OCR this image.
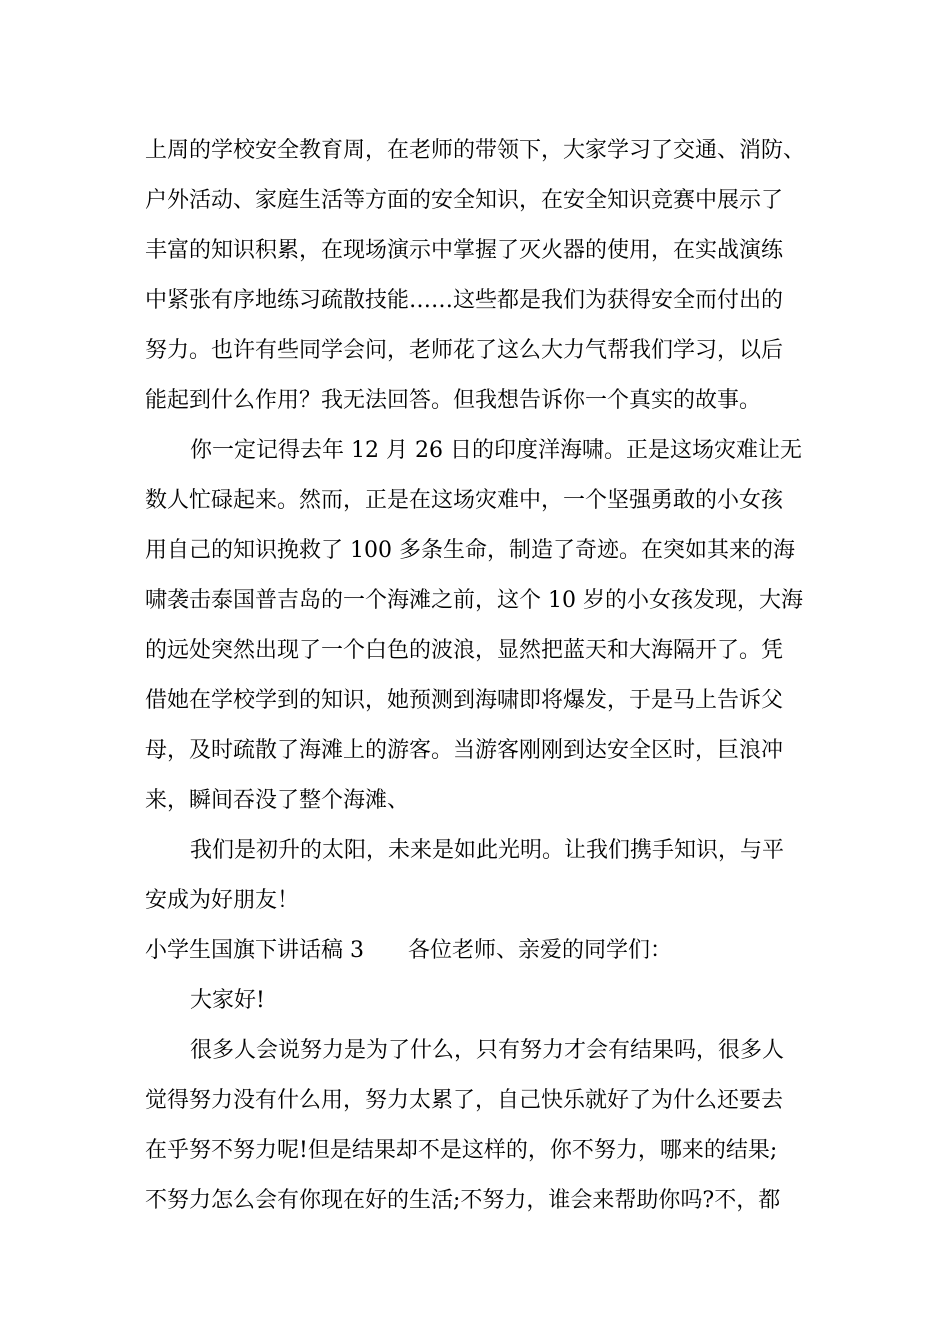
上周的学校安全教育周，在老师的带领下，大家学习了交通、消防、
户外活动、家庭生活等方面的安全知识，在安全知识竞赛中展示了
丰富的知识积累，在现场演示中掌握了灭火器的使用，在实战演练
中紧张有序地练习疏散技能……这些都是我们为获得安全而付出的
努力。也许有些同学会问，老师花了这么大力气帮我们学习，以后
能起到什么作用？我无法回答。但我想告诉你一个真实的故事。
你一定记得去年 12 月 26 日的印度洋海啸。正是这场灾难让无
数人忙碌起来。然而，正是在这场灾难中，一个坚强勇敢的小女孩
用自己的知识挽救了 100 多条生命，制造了奇迹。在突如其来的海
啸袭击泰国普吉岛的一个海滩之前，这个 10 岁的小女孩发现，大海
的远处突然出现了一个白色的波浪，显然把蓝天和大海隔开了。凭
借她在学校学到的知识，她预测到海啸即将爆发，于是马上告诉父
母，及时疏散了海滩上的游客。当游客刚刚到达安全区时，巨浪冲
来，瞬间吞没了整个海滩、
我们是初升的太阳，未来是如此光明。让我们携手知识，与平
安成为好朋友！
小学生国旗下讲话稿 3 各位老师、亲爱的同学们：
大家好!
很多人会说努力是为了什么，只有努力才会有结果吗，很多人
觉得努力没有什么用，努力太累了，自己快乐就好了为什么还要去
在乎努不努力呢!但是结果却不是这样的，你不努力，哪来的结果;
不努力怎么会有你现在好的生活;不努力，谁会来帮助你吗?不，都
